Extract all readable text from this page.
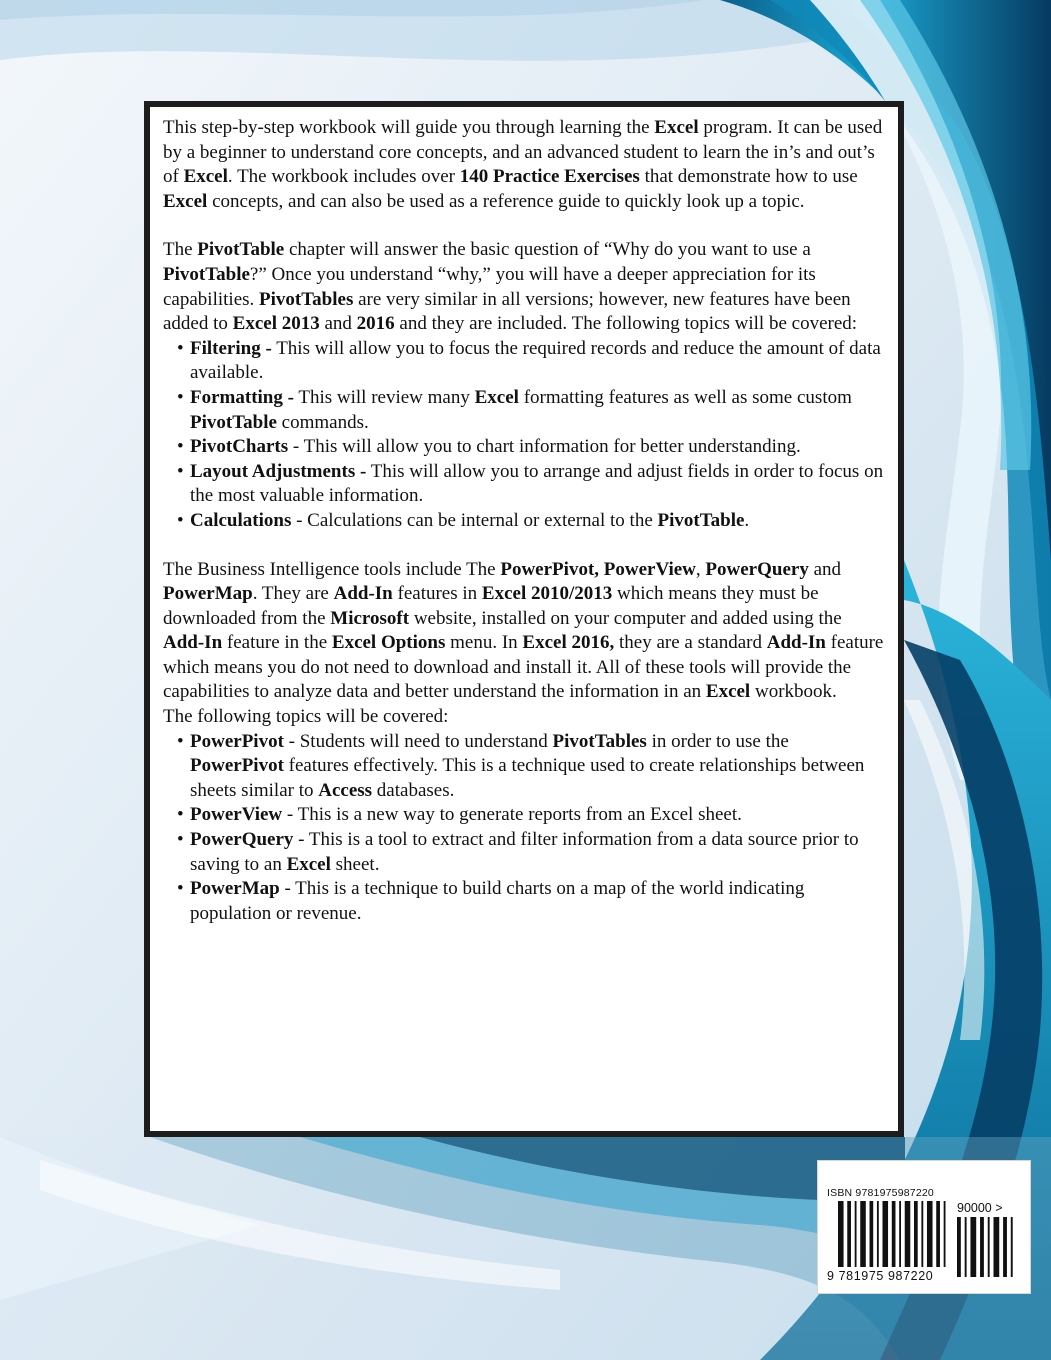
This step-by-step workbook will guide you through learning the Excel program. It can be used by a beginner to understand core concepts, and an advanced student to learn the in’s and out’s of Excel. The workbook includes over 140 Practice Exercises that demonstrate how to use Excel concepts, and can also be used as a reference guide to quickly look up a topic.

The PivotTable chapter will answer the basic question of “Why do you want to use a PivotTable?” Once you understand “why,” you will have a deeper appreciation for its capabilities. PivotTables are very similar in all versions; however, new features have been added to Excel 2013 and 2016 and they are included. The following topics will be covered:

• Filtering - This will allow you to focus the required records and reduce the amount of data available.
• Formatting - This will review many Excel formatting features as well as some custom PivotTable commands.
• PivotCharts - This will allow you to chart information for better understanding.
• Layout Adjustments - This will allow you to arrange and adjust fields in order to focus on the most valuable information.
• Calculations - Calculations can be internal or external to the PivotTable.

The Business Intelligence tools include The PowerPivot, PowerView, PowerQuery and PowerMap. They are Add-In features in Excel 2010/2013 which means they must be downloaded from the Microsoft website, installed on your computer and added using the Add-In feature in the Excel Options menu. In Excel 2016, they are a standard Add-In feature which means you do not need to download and install it. All of these tools will provide the capabilities to analyze data and better understand the information in an Excel workbook.

The following topics will be covered:

• PowerPivot - Students will need to understand PivotTables in order to use the PowerPivot features effectively. This is a technique used to create relationships between sheets similar to Access databases.
• PowerView - This is a new way to generate reports from an Excel sheet.
• PowerQuery - This is a tool to extract and filter information from a data source prior to saving to an Excel sheet.
• PowerMap - This is a technique to build charts on a map of the world indicating population or revenue.
ISBN 9781975987220
90000 >
9 781975 987220
